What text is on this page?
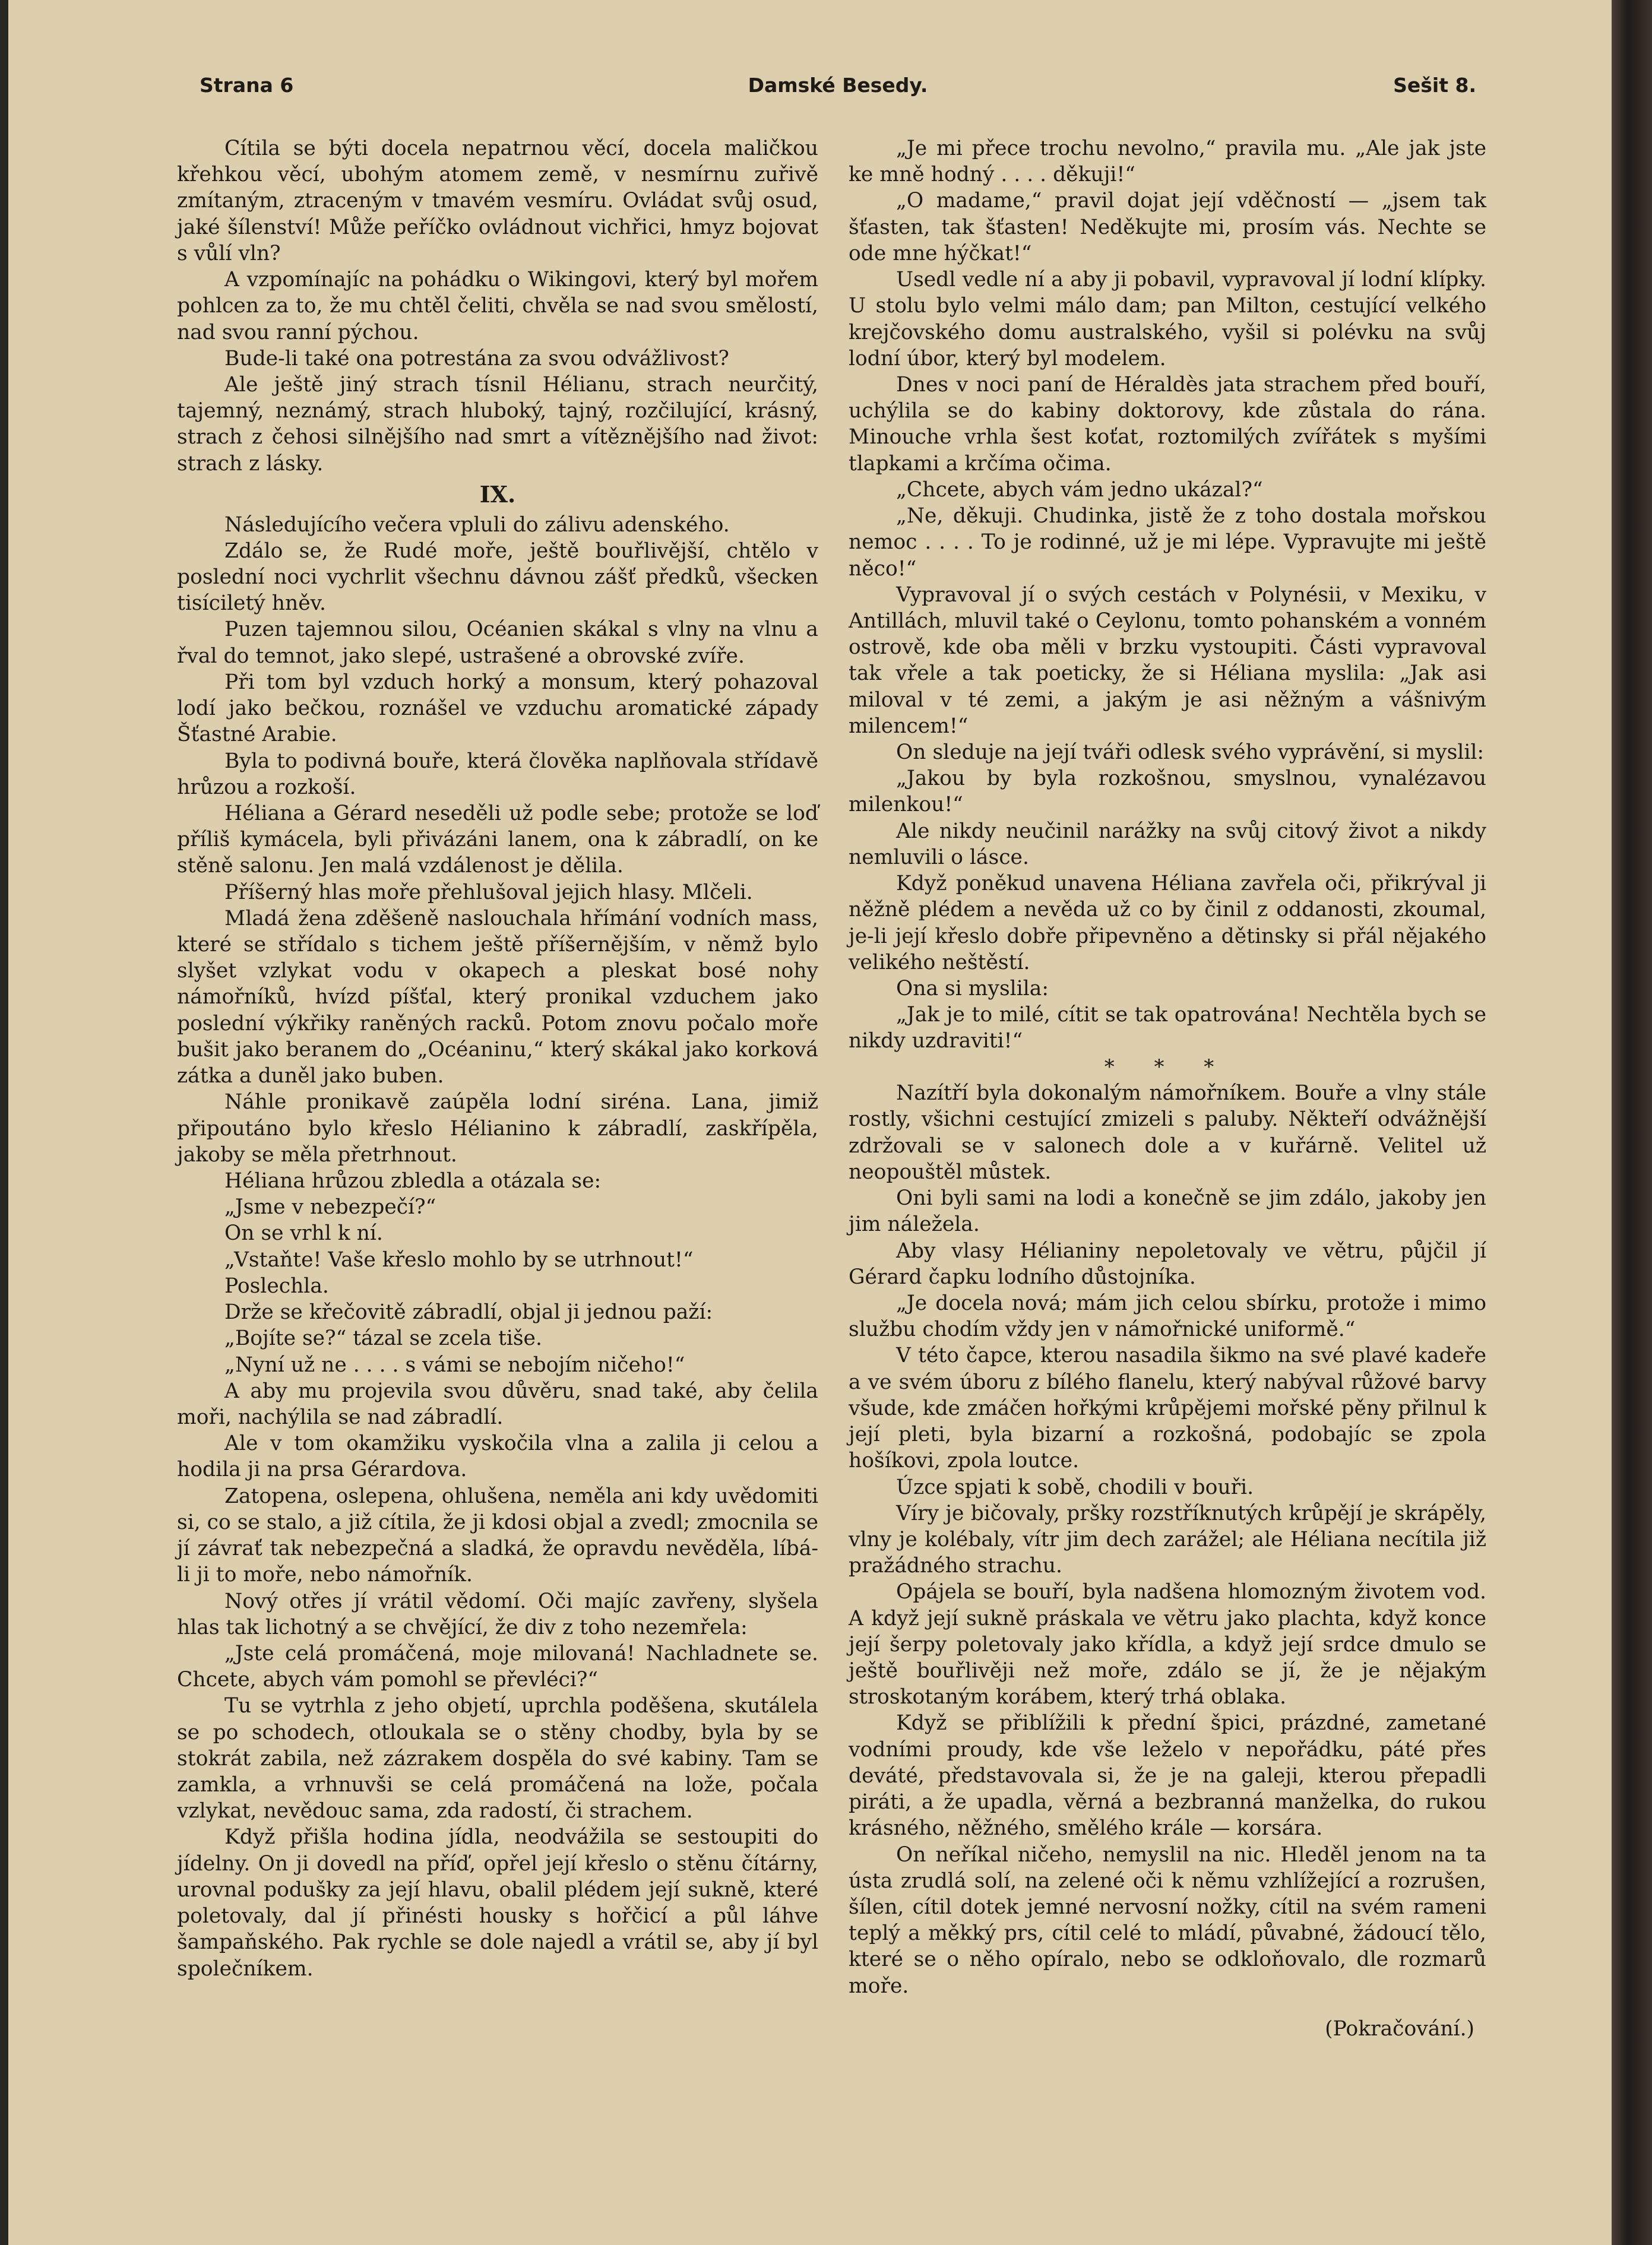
Strana 6	Damské Besedy.	Sešit 8.

Cítila se býti docela nepatrnou věcí, docela maličkou křehkou věcí, ubohým atomem země, v nesmírnu zuřivě zmítaným, ztraceným v tmavém vesmíru. Ovládat svůj osud, jaké šílenství! Může peříčko ovládnout vichřici, hmyz bojovat s vůlí vln?

A vzpomínajíc na pohádku o Wikingovi, který byl mořem pohlcen za to, že mu chtěl čeliti, chvěla se nad svou smělostí, nad svou ranní pýchou.

Bude-li také ona potrestána za svou odvážlivost?

Ale ještě jiný strach tísnil Hélianu, strach neurčitý, tajemný, neznámý, strach hluboký, tajný, rozčilující, krásný, strach z čehosi silnějšího nad smrt a vítěznějšího nad život: strach z lásky.

IX.

Následujícího večera vpluli do zálivu adenského.

Zdálo se, že Rudé moře, ještě bouřlivější, chtělo v poslední noci vychrlit všechnu dávnou zášť předků, všecken tisíciletý hněv.

Puzen tajemnou silou, Océanien skákal s vlny na vlnu a řval do temnot, jako slepé, ustrašené a obrovské zvíře.

Při tom byl vzduch horký a monsum, který pohazoval lodí jako bečkou, roznášel ve vzduchu aromatické západy Šťastné Arabie.

Byla to podivná bouře, která člověka naplňovala střídavě hrůzou a rozkoší.

Héliana a Gérard neseděli už podle sebe; protože se loď příliš kymácela, byli přivázáni lanem, ona k zábradlí, on ke stěně salonu. Jen malá vzdálenost je dělila.

Příšerný hlas moře přehlušoval jejich hlasy. Mlčeli.

Mladá žena zděšeně naslouchala hřímání vodních mass, které se střídalo s tichem ještě příšernějším, v němž bylo slyšet vzlykat vodu v okapech a pleskat bosé nohy námořníků, hvízd píšťal, který pronikal vzduchem jako poslední výkřiky raněných racků. Potom znovu počalo moře bušit jako beranem do „Océaninu,“ který skákal jako korková zátka a duněl jako buben.

Náhle pronikavě zaúpěla lodní siréna. Lana, jimiž připoutáno bylo křeslo Hélianino k zábradlí, zaskřípěla, jakoby se měla přetrhnout.

Héliana hrůzou zbledla a otázala se:

„Jsme v nebezpečí?“

On se vrhl k ní.

„Vstaňte! Vaše křeslo mohlo by se utrhnout!“

Poslechla.

Drže se křečovitě zábradlí, objal ji jednou paží:

„Bojíte se?“ tázal se zcela tiše.

„Nyní už ne . . . . s vámi se nebojím ničeho!“

A aby mu projevila svou důvěru, snad také, aby čelila moři, nachýlila se nad zábradlí.

Ale v tom okamžiku vyskočila vlna a zalila ji celou a hodila ji na prsa Gérardova.

Zatopena, oslepena, ohlušena, neměla ani kdy uvědomiti si, co se stalo, a již cítila, že ji kdosi objal a zvedl; zmocnila se jí závrať tak nebezpečná a sladká, že opravdu nevěděla, líbá-li ji to moře, nebo námořník.

Nový otřes jí vrátil vědomí. Oči majíc zavřeny, slyšela hlas tak lichotný a se chvějící, že div z toho nezemřela:

„Jste celá promáčená, moje milovaná! Nachladnete se. Chcete, abych vám pomohl se převléci?“

Tu se vytrhla z jeho objetí, uprchla poděšena, skutálela se po schodech, otloukala se o stěny chodby, byla by se stokrát zabila, než zázrakem dospěla do své kabiny. Tam se zamkla, a vrhnuvši se celá promáčená na lože, počala vzlykat, nevědouc sama, zda radostí, či strachem.

Když přišla hodina jídla, neodvážila se sestoupiti do jídelny. On ji dovedl na příď, opřel její křeslo o stěnu čítárny, urovnal podušky za její hlavu, obalil plédem její sukně, které poletovaly, dal jí přinésti housky s hořčicí a půl láhve šampaňského. Pak rychle se dole najedl a vrátil se, aby jí byl společníkem.

„Je mi přece trochu nevolno,“ pravila mu. „Ale jak jste ke mně hodný . . . . děkuji!“

„O madame,“ pravil dojat její vděčností — „jsem tak šťasten, tak šťasten! Neděkujte mi, prosím vás. Nechte se ode mne hýčkat!“

Usedl vedle ní a aby ji pobavil, vypravoval jí lodní klípky. U stolu bylo velmi málo dam; pan Milton, cestující velkého krejčovského domu australského, vyšil si polévku na svůj lodní úbor, který byl modelem.

Dnes v noci paní de Héraldès jata strachem před bouří, uchýlila se do kabiny doktorovy, kde zůstala do rána. Minouche vrhla šest koťat, roztomilých zvířátek s myšími tlapkami a krčíma očima.

„Chcete, abych vám jedno ukázal?“

„Ne, děkuji. Chudinka, jistě že z toho dostala mořskou nemoc . . . . To je rodinné, už je mi lépe. Vypravujte mi ještě něco!“

Vypravoval jí o svých cestách v Polynésii, v Mexiku, v Antillách, mluvil také o Ceylonu, tomto pohanském a vonném ostrově, kde oba měli v brzku vystoupiti. Části vypravoval tak vřele a tak poeticky, že si Héliana myslila: „Jak asi miloval v té zemi, a jakým je asi něžným a vášnivým milencem!“

On sleduje na její tváři odlesk svého vyprávění, si myslil:

„Jakou by byla rozkošnou, smyslnou, vynalézavou milenkou!“

Ale nikdy neučinil narážky na svůj citový život a nikdy nemluvili o lásce.

Když poněkud unavena Héliana zavřela oči, přikrýval ji něžně plédem a nevěda už co by činil z oddanosti, zkoumal, je-li její křeslo dobře připevněno a dětinsky si přál nějakého velikého neštěstí.

Ona si myslila:

„Jak je to milé, cítit se tak opatrována! Nechtěla bych se nikdy uzdraviti!“

* * *

Nazítří byla dokonalým námořníkem. Bouře a vlny stále rostly, všichni cestující zmizeli s paluby. Někteří odvážnější zdržovali se v salonech dole a v kuřárně. Velitel už neopouštěl můstek.

Oni byli sami na lodi a konečně se jim zdálo, jakoby jen jim náležela.

Aby vlasy Hélianiny nepoletovaly ve větru, půjčil jí Gérard čapku lodního důstojníka.

„Je docela nová; mám jich celou sbírku, protože i mimo službu chodím vždy jen v námořnické uniformě.“

V této čapce, kterou nasadila šikmo na své plavé kadeře a ve svém úboru z bílého flanelu, který nabýval růžové barvy všude, kde zmáčen hořkými krůpějemi mořské pěny přilnul k její pleti, byla bizarní a rozkošná, podobajíc se zpola hošíkovi, zpola loutce.

Úzce spjati k sobě, chodili v bouři.

Víry je bičovaly, pršky rozstříknutých krůpějí je skrápěly, vlny je kolébaly, vítr jim dech zarážel; ale Héliana necítila již pražádného strachu.

Opájela se bouří, byla nadšena hlomozným životem vod. A když její sukně práskala ve větru jako plachta, když konce její šerpy poletovaly jako křídla, a když její srdce dmulo se ještě bouřlivěji než moře, zdálo se jí, že je nějakým stroskotaným korábem, který trhá oblaka.

Když se přiblížili k přední špici, prázdné, zametané vodními proudy, kde vše leželo v nepořádku, páté přes deváté, představovala si, že je na galeji, kterou přepadli piráti, a že upadla, věrná a bezbranná manželka, do rukou krásného, něžného, smělého krále — korsára.

On neříkal ničeho, nemyslil na nic. Hleděl jenom na ta ústa zrudlá solí, na zelené oči k němu vzhlížející a rozrušen, šílen, cítil dotek jemné nervosní nožky, cítil na svém rameni teplý a měkký prs, cítil celé to mládí, půvabné, žádoucí tělo, které se o něho opíralo, nebo se odkloňovalo, dle rozmarů moře.

(Pokračování.)
